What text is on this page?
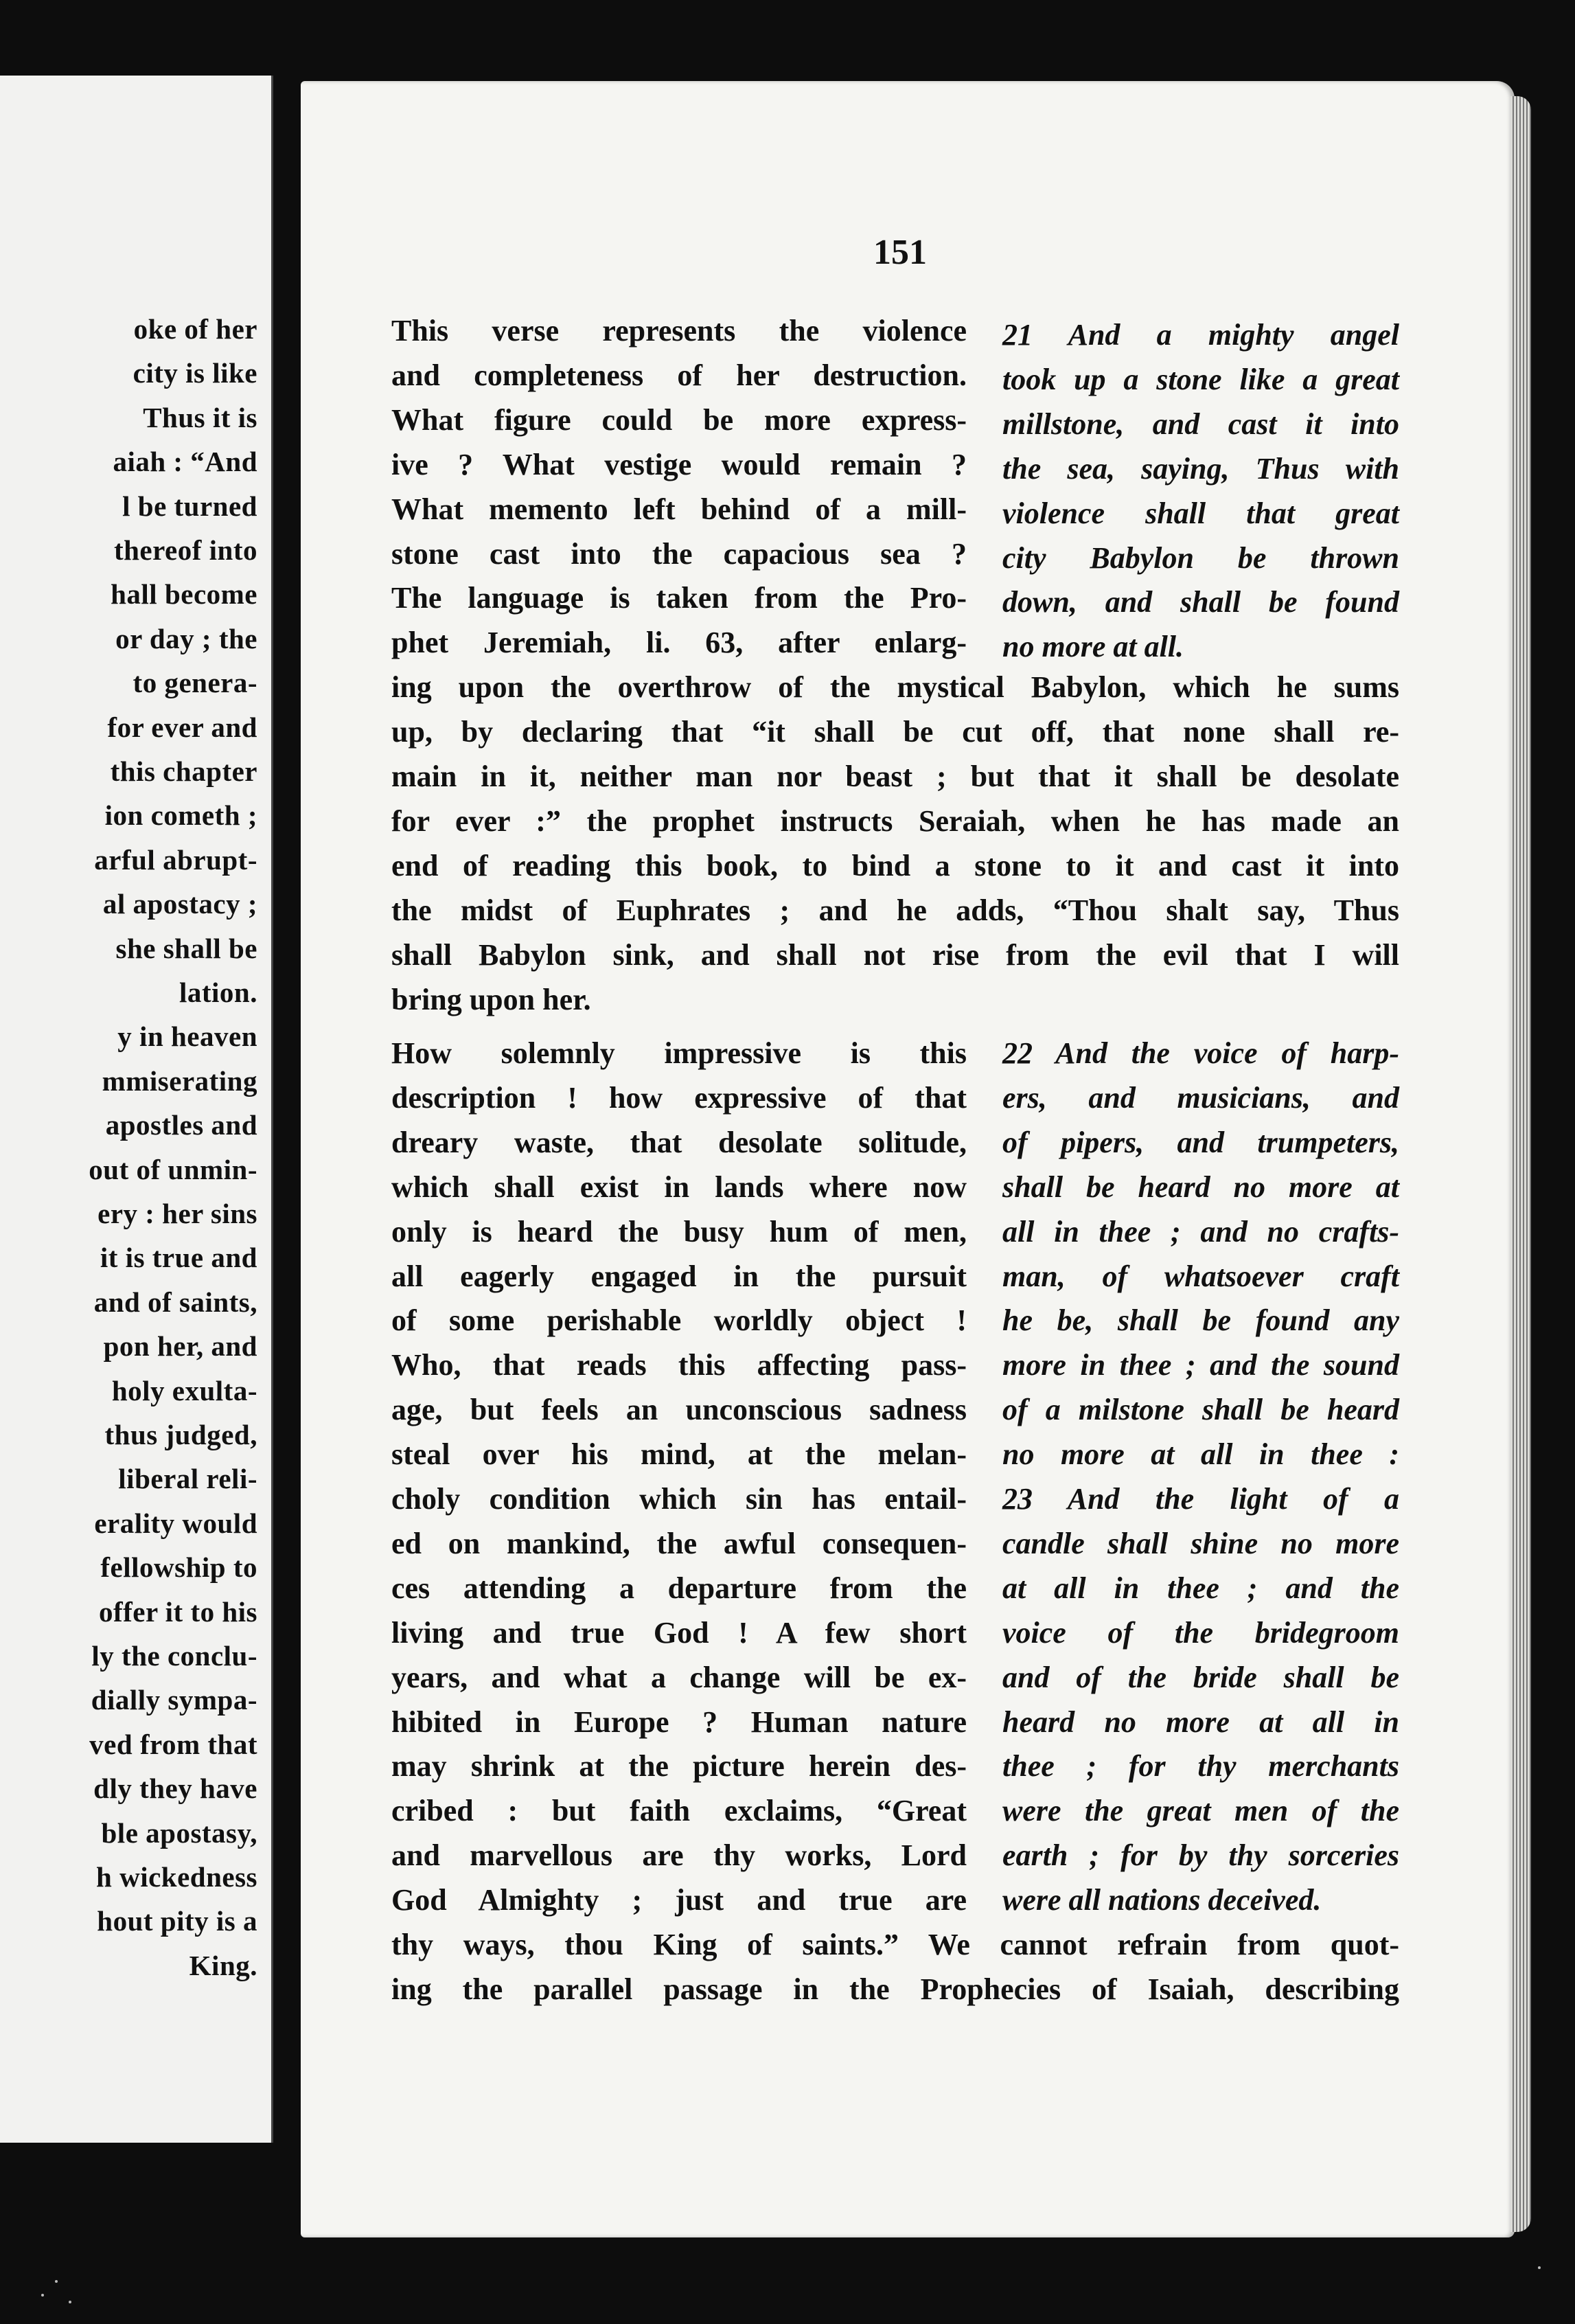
oke of her
city is like
Thus it is
aiah : “And
l be turned
thereof into
hall become
or day ; the
to genera-
for ever and
this chapter
ion cometh ;
arful abrupt-
al apostacy ;
she shall be
lation.
y in heaven
mmiserating
apostles and
out of unmin-
ery : her sins
it is true and
and of saints,
pon her, and
holy exulta-
thus judged,
liberal reli-
erality would
fellowship to
offer it to his
ly the conclu-
dially sympa-
ved from that
dly they have
ble apostasy,
h wickedness
hout pity is a
King.
151
This verse represents the violence
and completeness of her destruction.
What figure could be more express-
ive ? What vestige would remain ?
What memento left behind of a mill-
stone cast into the capacious sea ?
The language is taken from the Pro-
phet Jeremiah, li. 63, after enlarg-
21 And a mighty angel
took up a stone like a great
millstone, and cast it into
the sea, saying, Thus with
violence shall that great
city Babylon be thrown
down, and shall be found
no more at all.
ing upon the overthrow of the mystical Babylon, which he sums
up, by declaring that “it shall be cut off, that none shall re-
main in it, neither man nor beast ; but that it shall be desolate
for ever :” the prophet instructs Seraiah, when he has made an
end of reading this book, to bind a stone to it and cast it into
the midst of Euphrates ; and he adds, “Thou shalt say, Thus
shall Babylon sink, and shall not rise from the evil that I will
bring upon her.
How solemnly impressive is this
description ! how expressive of that
dreary waste, that desolate solitude,
which shall exist in lands where now
only is heard the busy hum of men,
all eagerly engaged in the pursuit
of some perishable worldly object !
Who, that reads this affecting pass-
age, but feels an unconscious sadness
steal over his mind, at the melan-
choly condition which sin has entail-
ed on mankind, the awful consequen-
ces attending a departure from the
living and true God ! A few short
years, and what a change will be ex-
hibited in Europe ? Human nature
may shrink at the picture herein des-
cribed : but faith exclaims, “Great
and marvellous are thy works, Lord
God Almighty ; just and true are
22 And the voice of harp-
ers, and musicians, and
of pipers, and trumpeters,
shall be heard no more at
all in thee ; and no crafts-
man, of whatsoever craft
he be, shall be found any
more in thee ; and the sound
of a milstone shall be heard
no more at all in thee :
23 And the light of a
candle shall shine no more
at all in thee ; and the
voice of the bridegroom
and of the bride shall be
heard no more at all in
thee ; for thy merchants
were the great men of the
earth ; for by thy sorceries
were all nations deceived.
thy ways, thou King of saints.” We cannot refrain from quot-
ing the parallel passage in the Prophecies of Isaiah, describing
